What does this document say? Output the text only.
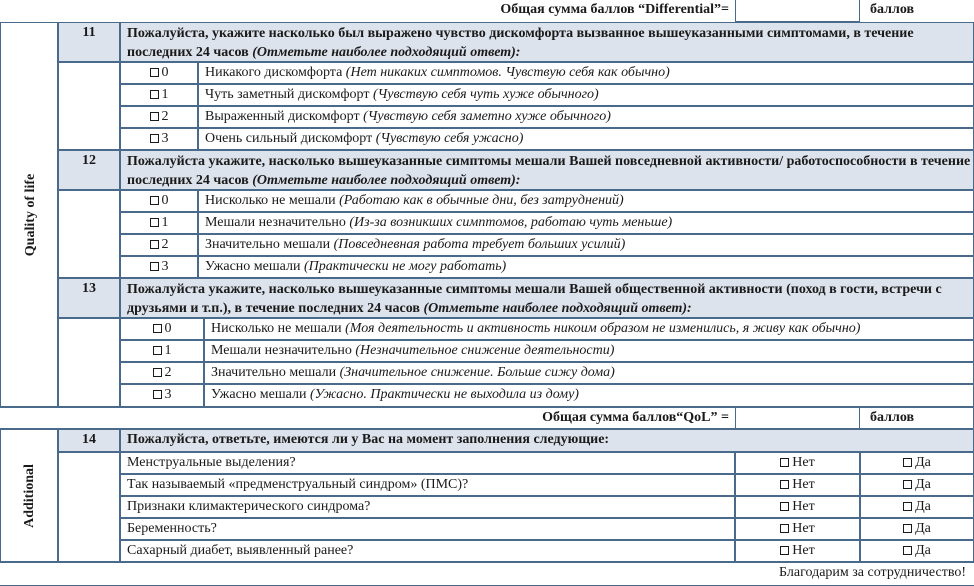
Общая сумма баллов “Differential”=	баллов
Quality of life
11	Пожалуйста, укажите насколько был выражено чувство дискомфорта вызванное вышеуказанными симптомами, в течение последних 24 часов (Отметьте наиболее подходящий ответ):
0	Никакого дискомфорта (Нет никаких симптомов. Чувствую себя как обычно)
1	Чуть заметный дискомфорт (Чувствую себя чуть хуже обычного)
2	Выраженный дискомфорт (Чувствую себя заметно хуже обычного)
3	Очень сильный дискомфорт (Чувствую себя ужасно)
12	Пожалуйста укажите, насколько вышеуказанные симптомы мешали Вашей повседневной активности/ работоспособности в течение последних 24 часов (Отметьте наиболее подходящий ответ):
0	Нисколько не мешали (Работаю как в обычные дни, без затруднений)
1	Мешали незначительно (Из-за возникших симптомов, работаю чуть меньше)
2	Значительно мешали (Повседневная работа требует больших усилий)
3	Ужасно мешали (Практически не могу работать)
13	Пожалуйста укажите, насколько вышеуказанные симптомы мешали Вашей общественной активности (поход в гости, встречи с друзьями и т.п.), в течение последних 24 часов (Отметьте наиболее подходящий ответ):
0	Нисколько не мешали (Моя деятельность и активность никоим образом не изменились, я живу как обычно)
1	Мешали незначительно (Незначительное снижение деятельности)
2	Значительно мешали (Значительное снижение. Больше сижу дома)
3	Ужасно мешали (Ужасно. Практически не выходила из дому)
Общая сумма баллов“QoL” =	баллов
Additional
14	Пожалуйста, ответьте, имеются ли у Вас на момент заполнения следующие:
Менструальные выделения?	Нет	Да
Так называемый «предменструальный синдром» (ПМС)?	Нет	Да
Признаки климактерического синдрома?	Нет	Да
Беременность?	Нет	Да
Сахарный диабет, выявленный ранее?	Нет	Да
Благодарим за сотрудничество!
